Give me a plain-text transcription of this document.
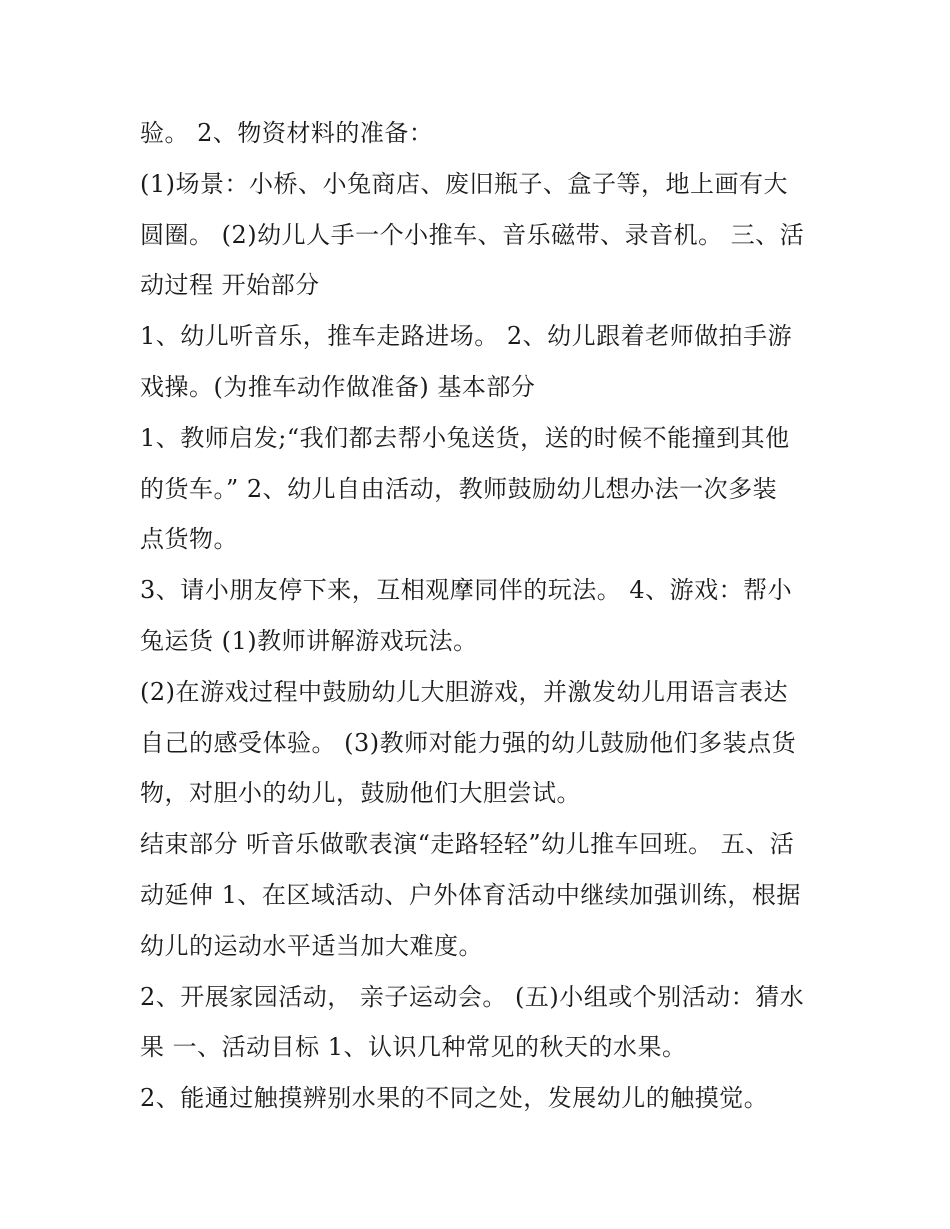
验。 2、物资材料的准备：

(1)场景：小桥、小兔商店、废旧瓶子、盒子等，地上画有大
圆圈。 (2)幼儿人手一个小推车、音乐磁带、录音机。 三、活
动过程 开始部分

1、幼儿听音乐，推车走路进场。 2、幼儿跟着老师做拍手游
戏操。(为推车动作做准备) 基本部分

1、教师启发;“我们都去帮小兔送货，送的时候不能撞到其他
的货车。” 2、幼儿自由活动，教师鼓励幼儿想办法一次多装
点货物。

3、请小朋友停下来，互相观摩同伴的玩法。 4、游戏：帮小
兔运货 (1)教师讲解游戏玩法。

(2)在游戏过程中鼓励幼儿大胆游戏，并激发幼儿用语言表达
自己的感受体验。 (3)教师对能力强的幼儿鼓励他们多装点货
物，对胆小的幼儿，鼓励他们大胆尝试。

结束部分 听音乐做歌表演“走路轻轻”幼儿推车回班。 五、活
动延伸 1、在区域活动、户外体育活动中继续加强训练，根据
幼儿的运动水平适当加大难度。

2、开展家园活动， 亲子运动会。 (五)小组或个别活动：猜水
果 一、活动目标 1、认识几种常见的秋天的水果。

2、能通过触摸辨别水果的不同之处，发展幼儿的触摸觉。
